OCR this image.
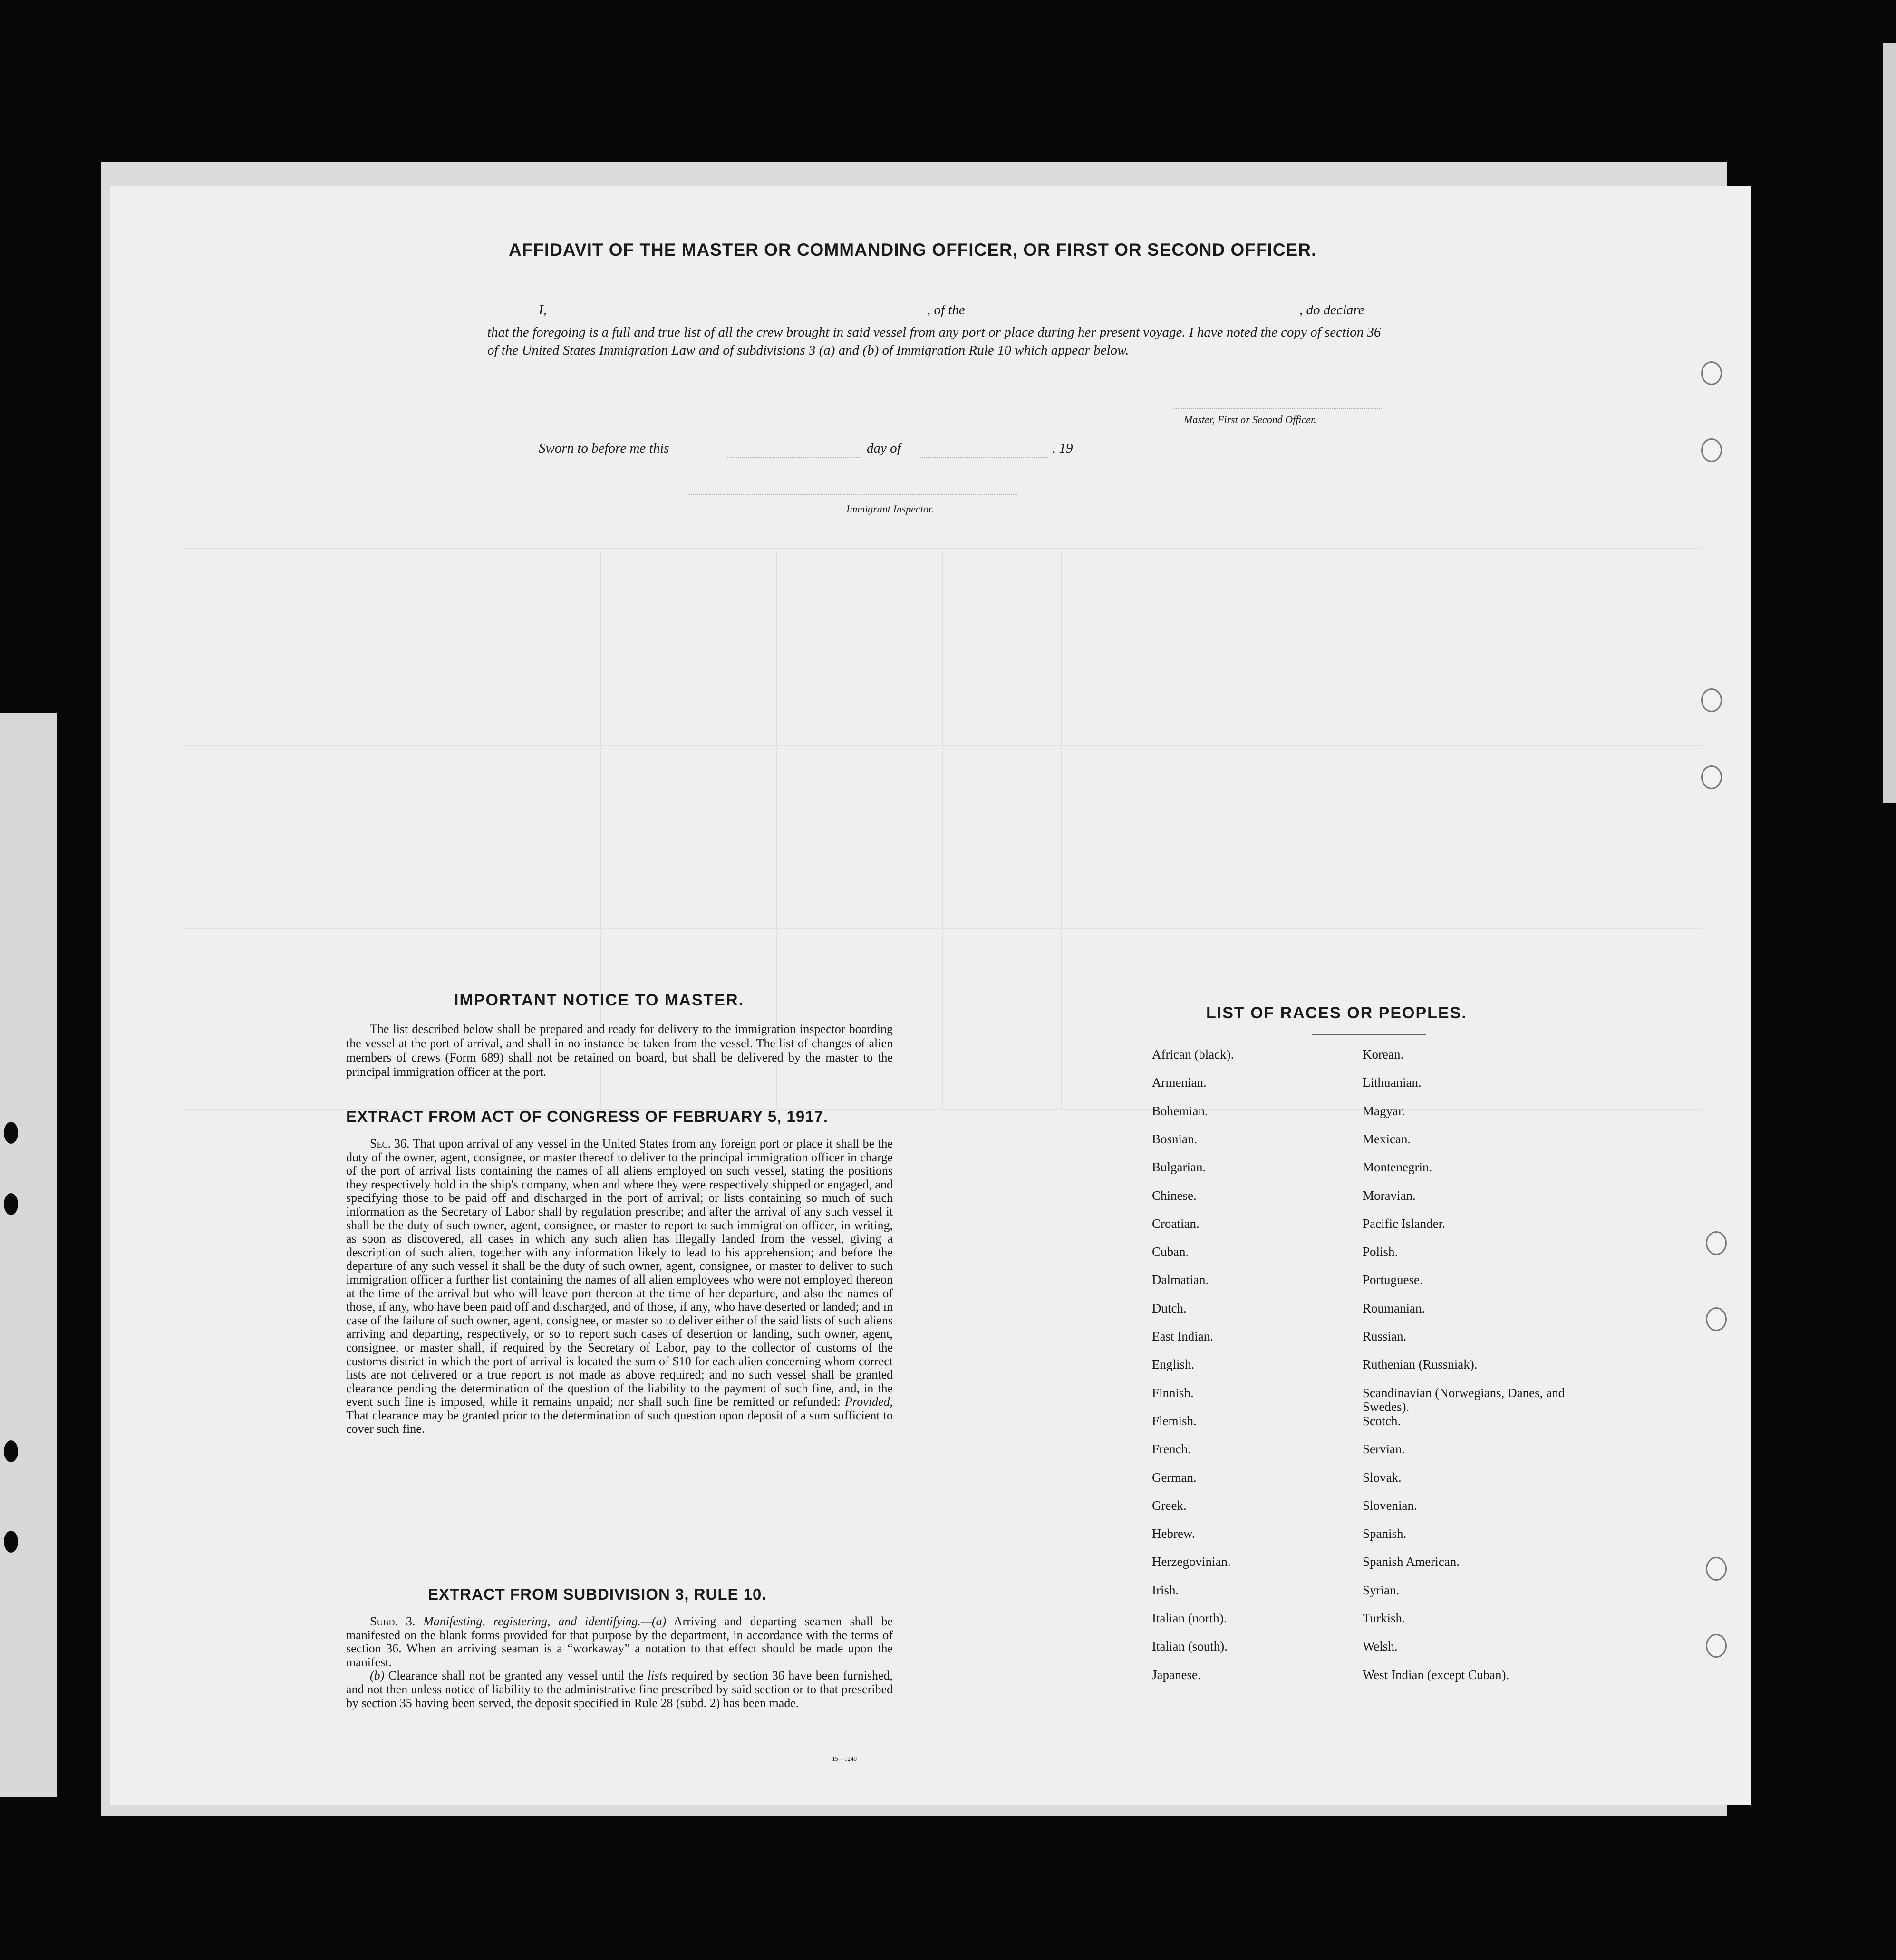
AFFIDAVIT OF THE MASTER OR COMMANDING OFFICER, OR FIRST OR SECOND OFFICER.
I,	, of the	, do declare
that the foregoing is a full and true list of all the crew brought in said vessel from any port or place during her present voyage. I have noted the copy of section 36 of the United States Immigration Law and of subdivisions 3 (a) and (b) of Immigration Rule 10 which appear below.
Master, First or Second Officer.
Sworn to before me this	day of	, 19
Immigrant Inspector.
IMPORTANT NOTICE TO MASTER.
The list described below shall be prepared and ready for delivery to the immigration inspector boarding the vessel at the port of arrival, and shall in no instance be taken from the vessel. The list of changes of alien members of crews (Form 689) shall not be retained on board, but shall be delivered by the master to the principal immigration officer at the port.
EXTRACT FROM ACT OF CONGRESS OF FEBRUARY 5, 1917.
Sec. 36. That upon arrival of any vessel in the United States from any foreign port or place it shall be the duty of the owner, agent, consignee, or master thereof to deliver to the principal immigration officer in charge of the port of arrival lists containing the names of all aliens employed on such vessel, stating the positions they respectively hold in the ship's company, when and where they were respectively shipped or engaged, and specifying those to be paid off and discharged in the port of arrival; or lists containing so much of such information as the Secretary of Labor shall by regulation prescribe; and after the arrival of any such vessel it shall be the duty of such owner, agent, consignee, or master to report to such immigration officer, in writing, as soon as discovered, all cases in which any such alien has illegally landed from the vessel, giving a description of such alien, together with any information likely to lead to his apprehension; and before the departure of any such vessel it shall be the duty of such owner, agent, consignee, or master to deliver to such immigration officer a further list containing the names of all alien employees who were not employed thereon at the time of the arrival but who will leave port thereon at the time of her departure, and also the names of those, if any, who have been paid off and discharged, and of those, if any, who have deserted or landed; and in case of the failure of such owner, agent, consignee, or master so to deliver either of the said lists of such aliens arriving and departing, respectively, or so to report such cases of desertion or landing, such owner, agent, consignee, or master shall, if required by the Secretary of Labor, pay to the collector of customs of the customs district in which the port of arrival is located the sum of $10 for each alien concerning whom correct lists are not delivered or a true report is not made as above required; and no such vessel shall be granted clearance pending the determination of the question of the liability to the payment of such fine, and, in the event such fine is imposed, while it remains unpaid; nor shall such fine be remitted or refunded: Provided, That clearance may be granted prior to the determination of such question upon deposit of a sum sufficient to cover such fine.
EXTRACT FROM SUBDIVISION 3, RULE 10.

Subd. 3. Manifesting, registering, and identifying.—(a) Arriving and departing seamen shall be manifested on the blank forms provided for that purpose by the department, in accordance with the terms of section 36. When an arriving seaman is a “workaway” a notation to that effect should be made upon the manifest.

(b) Clearance shall not be granted any vessel until the lists required by section 36 have been furnished, and not then unless notice of liability to the administrative fine prescribed by said section or to that prescribed by section 35 having been served, the deposit specified in Rule 28 (subd. 2) has been made.

15—1240
LIST OF RACES OR PEOPLES.
African (black).
Armenian.
Bohemian.
Bosnian.
Bulgarian.
Chinese.
Croatian.
Cuban.
Dalmatian.
Dutch.
East Indian.
English.
Finnish.
Flemish.
French.
German.
Greek.
Hebrew.
Herzegovinian.
Irish.
Italian (north).
Italian (south).
Japanese.
Korean.
Lithuanian.
Magyar.
Mexican.
Montenegrin.
Moravian.
Pacific Islander.
Polish.
Portuguese.
Roumanian.
Russian.
Ruthenian (Russniak).
Scandinavian (Norwegians, Danes, and Swedes).
Scotch.
Servian.
Slovak.
Slovenian.
Spanish.
Spanish American.
Syrian.
Turkish.
Welsh.
West Indian (except Cuban).
